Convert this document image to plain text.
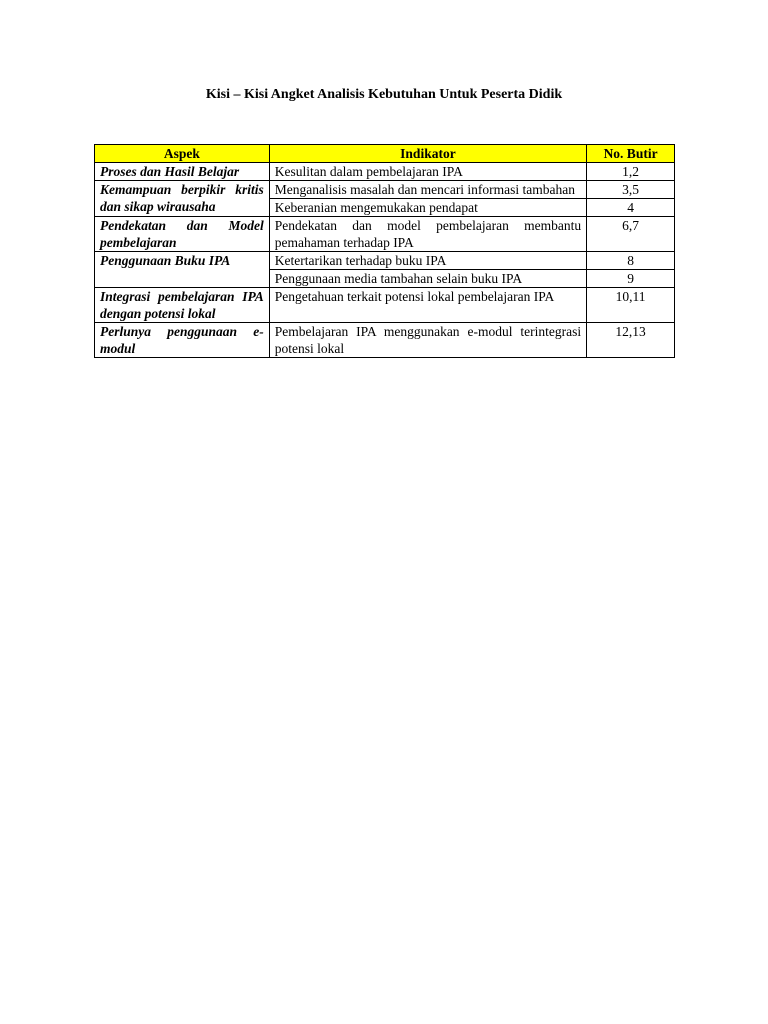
Kisi – Kisi Angket Analisis Kebutuhan Untuk Peserta Didik
Aspek	Indikator	No. Butir
Proses dan Hasil Belajar	Kesulitan dalam pembelajaran IPA	1,2
Kemampuan berpikir kritis dan sikap wirausaha	Menganalisis masalah dan mencari informasi tambahan	3,5
	Keberanian mengemukakan pendapat	4
Pendekatan dan Model pembelajaran	Pendekatan dan model pembelajaran membantu pemahaman terhadap IPA	6,7
Penggunaan Buku IPA	Ketertarikan terhadap buku IPA	8
	Penggunaan media tambahan selain buku IPA	9
Integrasi pembelajaran IPA dengan potensi lokal	Pengetahuan terkait potensi lokal pembelajaran IPA	10,11
Perlunya penggunaan e-modul	Pembelajaran IPA menggunakan e-modul terintegrasi potensi lokal	12,13
